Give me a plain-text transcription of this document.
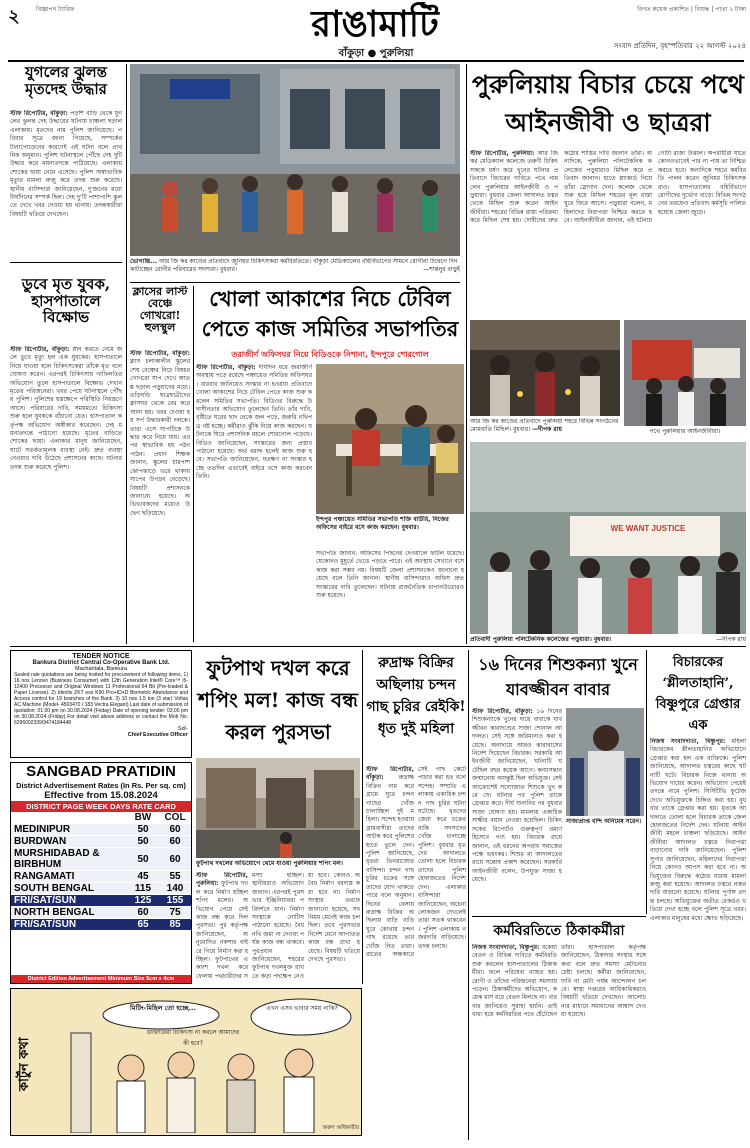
২	বিজ্ঞাপন ট্যারিফ	রাঙামাটি
বাঁকুড়া ● পুরুলিয়া
বিগত কয়েক প্রকাশিত | বিশুদ্ধ | পাতা ২ টাকা
সংবাদ প্রতিদিন, বৃহস্পতিবার ২২ আগস্ট ২০২৪
যুগলের ঝুলন্ত মৃতদেহ উদ্ধার
স্টাফ রিপোর্টার, বাঁকুড়া: পড়শি বাড়ি থেকে যুগলের ঝুলন্ত দেহ উদ্ধারের ঘটনায় চাঞ্চল্য ছড়াল এলাকায়। মৃতদের নাম পুলিশ জানিয়েছে। পরিবার সূত্রে জানা গিয়েছে, সম্পর্কের টানাপোড়েনের কারণেই এই ঘটনা বলে প্রাথমিক অনুমান। পুলিশ ঘটনাস্থলে পৌঁছে দেহ দুটি উদ্ধার করে ময়নাতদন্তে পাঠিয়েছে। এলাকায় শোকের ছায়া নেমে এসেছে। পুলিশ অস্বাভাবিক মৃত্যুর মামলা রুজু করে তদন্ত শুরু করেছে। স্থানীয় বাসিন্দারা জানিয়েছেন, দু'জনের মধ্যে দীর্ঘদিনের সম্পর্ক ছিল। দেহ দু'টি পাশাপাশি ঝুলতে দেখে খবর দেওয়া হয় থানায়। তদন্তকারীরা বিষয়টি খতিয়ে দেখছেন।
ডুবে মৃত যুবক, হাসপাতালে বিক্ষোভ
স্টাফ রিপোর্টার, বাঁকুড়া: স্নান করতে নেমে জলে ডুবে মৃত্যু হল এক যুবকের। হাসপাতালে নিয়ে যাওয়া হলে চিকিৎসকেরা তাঁকে মৃত বলে ঘোষণা করেন। এরপরই চিকিৎসায় গাফিলতির অভিযোগ তুলে হাসপাতালে বিক্ষোভ দেখান মৃতের পরিজনেরা। খবর পেয়ে ঘটনাস্থলে পৌঁছয় পুলিশ। পুলিশের হস্তক্ষেপে পরিস্থিতি নিয়ন্ত্রণে আসে। পরিবারের দাবি, সময়মতো চিকিৎসা শুরু হলে যুবককে বাঁচানো যেত। হাসপাতাল কর্তৃপক্ষ অভিযোগ অস্বীকার করেছেন। দেহ ময়নাতদন্তে পাঠানো হয়েছে। মৃতের বাড়িতে শোকের ছায়া। এলাকার মানুষ জানিয়েছেন, ঘাটে সতর্কতামূলক ব্যবস্থা নেই। দ্রুত ব্যবস্থা নেওয়ার দাবি উঠেছে প্রশাসনের কাছে। ঘটনার তদন্ত শুরু করেছে পুলিশ।
ভোগান্তি... আর জি কর কাণ্ডের প্রতিবাদে জুনিয়র চিকিৎসকরা কর্মবিরতিতে। বাঁকুড়া মেডিক্যালের বহির্বিভাগের সামনে রোগীরা উদ্বেগে দিন কাটাচ্ছেন রোগীর পরিবারের সদস্যরা। বুধবার।	—শান্তনুর বাড়ুই
ক্লাসের লাস্ট বেঞ্চে গোখরো! হুলস্থুল
স্টাফ রিপোর্টার, বাঁকুড়া: ক্লাস চলাকালীন স্কুলের শেষ বেঞ্চের নিচে বিষধর গোখরো সাপ দেখে আতঙ্ক ছড়াল পড়ুয়াদের মধ্যে। তড়িঘড়ি ছাত্রছাত্রীদের ক্লাসঘর থেকে বের করে আনা হয়। খবর দেওয়া হয় সর্প উদ্ধারকারী দলকে। তারা এসে সাপটিকে উদ্ধার করে নিয়ে যায়। এরপর স্বাভাবিক হয় পঠনপাঠন। প্রধান শিক্ষক জানান, স্কুলের চারপাশ ঝোপঝাড়ে ভরে থাকায় সাপের উপদ্রব বেড়েছে। বিষয়টি প্রশাসনকে জানানো হয়েছে। অভিভাবকদের মধ্যেও উদ্বেগ ছড়িয়েছে।
খোলা আকাশের নিচে টেবিল পেতে কাজ সমিতির সভাপতির
তরাজীর্ণ অফিসঘর নিয়ে বিডিওকে নিশানা, ইন্দপুরে শোরগোল
স্টাফ রিপোর্টার, বাঁকুড়া: দীর্ঘদিন ধরে জরাজীর্ণ অবস্থায় পড়ে রয়েছে পঞ্চায়েত সমিতির অফিসঘর। বারবার জানিয়েও সংস্কার না হওয়ায় প্রতিবাদে খোলা আকাশের নিচে টেবিল পেতে কাজ শুরু করলেন সমিতির সভাপতি। বিডিওর বিরুদ্ধে উদাসীনতার অভিযোগ তুলেছেন তিনি। তাঁর দাবি, বৃষ্টিতে ঘরের ছাদ থেকে জল পড়ে, জরুরি নথিপত্র নষ্ট হচ্ছে। কর্মীরাও ঝুঁকি নিয়ে কাজ করছেন। ঘটনাকে ঘিরে প্রশাসনিক মহলে শোরগোল পড়েছে। বিডিও জানিয়েছেন, সংস্কারের জন্য প্রস্তাব পাঠানো হয়েছে। অর্থ বরাদ্দ হলেই কাজ শুরু হবে। সভাপতি জানিয়েছেন, যতক্ষণ না সংস্কার হচ্ছে ততদিন এভাবেই বাইরে বসে কাজ করবেন তিনি।
ইন্দপুর পঞ্চায়েত সমিতির সভাপতি শক্তি বাউরি, নিজের অফিসের বাইরে বসে কাজ করছেন। বুধবার।
সভাপতি জানান, অফিসের পিছনের দেওয়ালে ফাটল ধরেছে। যেকোনও মুহূর্তে ভেঙে পড়তে পারে। এই অবস্থায় সেখানে বসে কাজ করা সম্ভব নয়। বিষয়টি জেলা প্রশাসনকেও জানানো হয়েছে বলে তিনি জানান। স্থানীয় বাসিন্দারাও অফিস দ্রুত সংস্কারের দাবি তুলেছেন। ঘটনায় রাজনৈতিক চাপানউতোরও শুরু হয়েছে।
পুরুলিয়ায় বিচার চেয়ে পথে আইনজীবী ও ছাত্ররা
স্টাফ রিপোর্টার, পুরুলিয়া: আর জি কর মেডিক্যাল কলেজে তরুণী চিকিৎসককে ধর্ষণ করে খুনের ঘটনার প্রতিবাদে বিচারের দাবিতে পথে নামলেন পুরুলিয়ার আইনজীবী ও পড়ুয়ারা। বুধবার জেলা আদালত চত্বর থেকে মিছিল শুরু করেন আইনজীবীরা। শহরের বিভিন্ন রাস্তা পরিক্রমা করে মিছিল শেষ হয়। দোষীদের দ্রুত কঠোর শাস্তির দাবি জানান তাঁরা। অন্যদিকে, পুরুলিয়া পলিটেকনিক কলেজের পড়ুয়ারাও মিছিল করে প্রতিবাদ জানান। হাতে প্ল্যাকার্ড নিয়ে তাঁরা স্লোগান দেন। কলেজ থেকে শুরু হয়ে মিছিল শহরের মূল রাস্তা ঘুরে ফিরে আসে। পড়ুয়ারা বলেন, মহিলাদের নিরাপত্তা নিশ্চিত করতে হবে। আইনজীবীরা জানান, এই ঘটনায় গোটা রাজ্য উত্তাল। অপরাধীরা যাতে কোনওভাবেই পার না পায় তা নিশ্চিত করতে হবে। অন্যদিকে শহরে কর্মবিরতি পালন করেন জুনিয়র চিকিৎসকরাও। হাসপাতালের বহির্বিভাগে রোগীদের দুর্ভোগ বাড়ে। বিভিন্ন সংগঠনের তরফেও প্রতিবাদ কর্মসূচি পালিত হয়েছে জেলা জুড়ে।
আর জি কর কাণ্ডের প্রতিবাদে পুরুলিয়া শহরে বিভিন্ন সংগঠনের মোমবাতি মিছিল। বুধবার। —দীপক রায়	পথে পুরুলিয়ার আইনজীবীরা।
WE WANT JUSTICE
প্রতিবাদী পুরুলিয়া পলিটেকনিক কলেজের পড়ুয়ারা। বুধবার।	—দীপক রায়
TENDER NOTICE
Bankura District Central Co-Operative Bank Ltd.
Machantala, Bankura
Sealed rate quotations are being invited for procurement of following items, 1) 16 nos Lenovo (Business Consumer) with 12th Generation Intel® Core™ i5-12400 Processor and Original Windows 11 Professional 64 Bit (Pre-loaded & Paper License). 2) Identix ZKT eso K90 Pro+ID+D Biometric Attendance and Access control for 19 branches of the Bank. 3) 10 nos 1.5 ton (3 star) Voltas AC Machine (Model- 4503470 / 183 Vectra Elegant) Last date of submission of quotation: 01:00 pm on 30.08.2024 (Friday) Date of opening tender: 03.00 pm on 30.08.2024 (Friday) For detail visit above address or contact the Mob No. 6296002339/9474184448
Sd/-
Chief Executive Officer
SANGBAD PRATIDIN
District Advertisement Rates (In Rs. Per sq. cm)
Effective from 15.08.2024
DISTRICT PAGE WEEK DAYS RATE CARD
	BW	COL
MEDINIPUR	50	60
BURDWAN	50	60
MURSHIDABAD & BIRBHUM	50	60
RANGAMATI	45	55
SOUTH BENGAL	115	140
FRI/SAT/SUN	125	155
NORTH BENGAL	60	75
FRI/SAT/SUN	65	85
District Edition Advertisement Minimum Size 5cm x 4cm
ফুটপাথ দখল করে শপিং মল! কাজ বন্ধ করল পুরসভা
ফুটপাথ দখলের অভিযোগে থেমে যাওয়া পুরুলিয়ার শপিং মল।
স্টাফ রিপোর্টার, পুরুলিয়া: ফুটপাথ দখল করে নির্মাণ হচ্ছিল শপিং মলের। অভিযোগ পেয়ে সেই কাজ বন্ধ করে দিল পুরসভা। পুর কর্তৃপক্ষ জানিয়েছেন, অনুমোদিত নকশার বাইরে গিয়ে নির্মাণ করা হচ্ছিল। ফুটপাথের একাংশ দখল করে ফেলায় পথচারীদের সমস্যা হচ্ছিল। স্থানীয়রাও অভিযোগ জানান। এরপরই পুরসভার ইঞ্জিনিয়াররা পরিদর্শনে যান। নির্মাণ সংস্থাকে নোটিস পাঠানো হয়েছে। বৈধ নথি জমা না দেওয়া পর্যন্ত কাজ বন্ধ থাকবে। পুরপ্রধান জানিয়েছেন, শহরের ফুটপাথ দখলমুক্ত রাখতে কড়া পদক্ষেপ নেওয়া হবে। কোনও অবৈধ নির্মাণ বরদাস্ত করা হবে না। নির্মাণ সংস্থার তরফে জানানো হয়েছে, সব নিয়ম মেনেই কাজ চলছিল। তবে পুরসভার নির্দেশ মেনে আপাতত কাজ বন্ধ রাখা হয়েছে। বিষয়টি খতিয়ে দেখছে পুরসভা।
রুদ্রাক্ষ বিক্রির অছিলায় চন্দন গাছ চুরির রেইকি! ধৃত দুই মহিলা
স্টাফ রিপোর্টার, বাঁকুড়া:	রুদ্রাক্ষ বিক্রির নাম করে গ্রামে ঘুরে চন্দন গাছের খোঁজ চালাচ্ছিল দুই মহিলা। সন্দেহ হওয়ায় গ্রামবাসীরা তাদের আটক করে পুলিশের হাতে তুলে দেন। পুলিশ জানিয়েছে, ধৃতরা ভিনরাজ্যের বাসিন্দা। চন্দন গাছ চুরির চক্রের সঙ্গে তাদের যোগ থাকতে পারে বলে অনুমান। দিনের বেলায় রুদ্রাক্ষ বিক্রির অছিলায় বাড়ি বাড়ি ঘুরে কোথায় চন্দন গাছ রয়েছে তার খোঁজ নিত তারা। রাতের অন্ধকারে সেই গাছ কেটে পাচার করা হত বলে সন্দেহ। সম্প্রতি এলাকায় একাধিক চন্দন গাছ চুরির ঘটনা ঘটেছে। ধৃতদের জেরা করে চক্রের বাকি সদস্যদের খোঁজ চালাচ্ছে পুলিশ। বুধবার ধৃতদের আদালতে তোলা হলে বিচারক তাদের পুলিশ হেফাজতের নির্দেশ দেন। এলাকার বাসিন্দারা জানিয়েছেন, অচেনা লোকজন দেখলেই তারা সতর্ক থাকবেন। পুলিশ এলাকায় নজরদারি বাড়িয়েছে। তদন্ত চলছে।
১৬ দিনের শিশুকন্যা খুনে যাবজ্জীবন বাবার
স্টাফ রিপোর্টার, বাঁকুড়া: ১৬ দিনের শিশুকন্যাকে খুনের দায়ে বাবাকে যাবজ্জীবন কারাদণ্ডের সাজা শোনাল আদালত। সেই সঙ্গে জরিমানাও করা হয়েছে। অনাদায়ে আরও কারাবাসের নির্দেশ দিয়েছেন বিচারক। সরকারি আইনজীবী জানিয়েছেন, ঘটনাটি ঘটেছিল বছর কয়েক আগে। কন্যাসন্তান জন্মানোয় অসন্তুষ্ট ছিল অভিযুক্ত। সেই আক্রোশেই সদ্যোজাত শিশুকে খুন করে সে। ঘটনার পর পুলিশ তাকে গ্রেপ্তার করে। দীর্ঘ শুনানির পর বুধবার সাজা ঘোষণা হয়। মামলায় একাধিক সাক্ষীর বয়ান নেওয়া হয়েছিল। চিকিৎসকের রিপোর্টও গুরুত্বপূর্ণ প্রমাণ হিসেবে গণ্য হয়। বিচারক রায়ে জানান, এই ধরনের অপরাধ সমাজের পক্ষে ভয়ংকর। শিশুর মা আদালতের রায়ে সন্তোষ প্রকাশ করেছেন। সরকারি আইনজীবী বলেন, উপযুক্ত সাজা হয়েছে।
সাজাপ্রাপ্ত বন্দি অনিমেষ সরেন।
বিচারকের ‘শ্লীলতাহানি’, বিষ্ণুপুরে গ্রেপ্তার এক
নিজস্ব সংবাদদাতা, বিষ্ণুপুর: মহিলা বিচারকের শ্লীলতাহানির অভিযোগে গ্রেপ্তার করা হল এক ব্যক্তিকে। পুলিশ জানিয়েছে, আদালত চত্বরের কাছে ঘটনাটি ঘটে। বিচারক নিজে থানায় অভিযোগ দায়ের করেন। অভিযোগ পেয়েই তদন্তে নামে পুলিশ। সিসিটিভি ফুটেজ দেখে অভিযুক্তকে চিহ্নিত করা হয়। বুধবার তাকে গ্রেপ্তার করা হয়। ধৃতকে আদালতে তোলা হলে বিচারক তাকে জেল হেফাজতের নির্দেশ দেন। ঘটনায় আইনজীবী মহলে চাঞ্চল্য ছড়িয়েছে। আইনজীবীরা আদালত চত্বরে নিরাপত্তা বাড়ানোর দাবি জানিয়েছেন। পুলিশ সুপার জানিয়েছেন, মহিলাদের নিরাপত্তা নিয়ে কোনও আপস করা হবে না। অভিযুক্তের বিরুদ্ধে কঠোর ধারায় মামলা রুজু করা হয়েছে। আদালত চত্বরে নজরদারি বাড়ানো হয়েছে। ঘটনার পূর্ণাঙ্গ তদন্ত চলছে। অভিযুক্তের অতীত রেকর্ডও খতিয়ে দেখা হচ্ছে বলে পুলিশ সূত্রে খবর। এলাকার মানুষের মধ্যে ক্ষোভ ছড়িয়েছে।
কর্মবিরতিতে ঠিকাকর্মীরা
নিজস্ব সংবাদদাতা, বিষ্ণুপুর: বকেয়া বেতন ও বিভিন্ন দাবিতে কর্মবিরতি শুরু করলেন হাসপাতালের ঠিকাকর্মীরা। ফলে পরিষেবা ব্যাহত হয়। রোগী ও তাঁদের পরিজনেরা সমস্যায় পড়েন। ঠিকাকর্মীদের অভিযোগ, কয়েক মাস ধরে বেতন মিলছে না। বারবার জানিয়েও সুরাহা হয়নি। তাই বাধ্য হয়ে কর্মবিরতির পথে হেঁটেছেন তাঁরা। হাসপাতাল কর্তৃপক্ষ জানিয়েছেন, ঠিকাদার সংস্থার সঙ্গে কথা বলে দ্রুত সমস্যা মেটানোর চেষ্টা চলছে। কর্মীরা জানিয়েছেন, দাবি না মেটা পর্যন্ত আন্দোলন চলবে। স্বাস্থ্য দপ্তরের আধিকারিকরাও বিষয়টি খতিয়ে দেখছেন। আলোচনার মাধ্যমে সমাধানের আশ্বাস দেওয়া হয়েছে।
কার্টুন কথা
মিটিং-মিছিল তো হচ্ছে...
ডাক্তারেরা চিকিৎসা না করলে আমাদের কী হবে?
এখন এসব ভাবার সময় নাকি?
অরুণ অধিকারীর
